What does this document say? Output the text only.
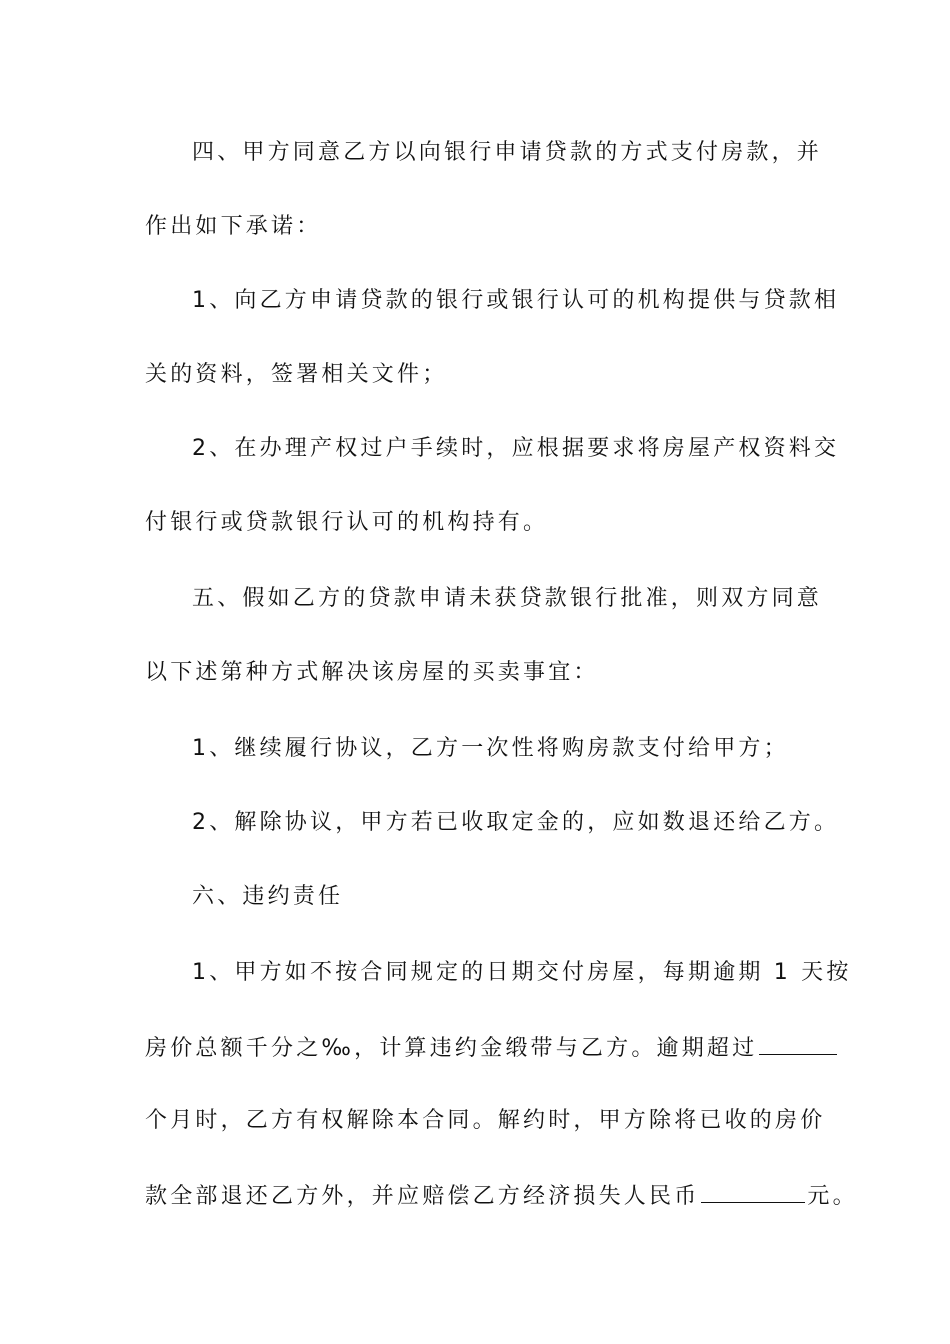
四、甲方同意乙方以向银行申请贷款的方式支付房款，并
作出如下承诺：
1、向乙方申请贷款的银行或银行认可的机构提供与贷款相
关的资料，签署相关文件；
2、在办理产权过户手续时，应根据要求将房屋产权资料交
付银行或贷款银行认可的机构持有。
五、假如乙方的贷款申请未获贷款银行批准，则双方同意
以下述第种方式解决该房屋的买卖事宜：
1、继续履行协议，乙方一次性将购房款支付给甲方；
2、解除协议，甲方若已收取定金的，应如数退还给乙方。
六、违约责任
1、甲方如不按合同规定的日期交付房屋，每期逾期 1 天按
房价总额千分之‰，计算违约金缎带与乙方。逾期超过
个月时，乙方有权解除本合同。解约时，甲方除将已收的房价
款全部退还乙方外，并应赔偿乙方经济损失人民币	元。
